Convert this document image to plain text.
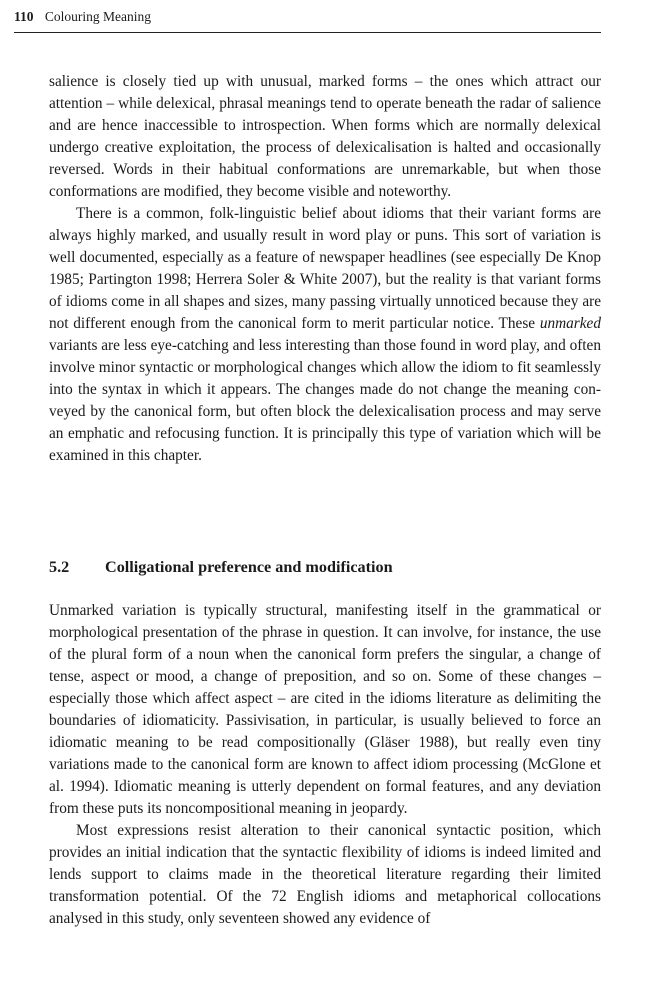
110 Colouring Meaning

salience is closely tied up with unusual, marked forms – the ones which attract our attention – while delexical, phrasal meanings tend to operate beneath the radar of salience and are hence inaccessible to introspection. When forms which are normally delexical undergo creative exploitation, the process of delexicalisation is halted and occasionally reversed. Words in their habitual conformations are unremarkable, but when those conformations are modified, they become visible and noteworthy.

There is a common, folk-linguistic belief about idioms that their variant forms are always highly marked, and usually result in word play or puns. This sort of variation is well documented, especially as a feature of newspaper headlines (see especially De Knop 1985; Partington 1998; Herrera Soler & White 2007), but the reality is that variant forms of idioms come in all shapes and sizes, many passing virtually unnoticed because they are not different enough from the canonical form to merit particular notice. These unmarked variants are less eye-catching and less interesting than those found in word play, and often involve minor syntactic or morphological changes which allow the idiom to fit seamlessly into the syntax in which it appears. The changes made do not change the meaning conveyed by the canonical form, but often block the delexicalisation process and may serve an emphatic and refocusing function. It is principally this type of variation which will be examined in this chapter.

5.2 Colligational preference and modification

Unmarked variation is typically structural, manifesting itself in the grammatical or morphological presentation of the phrase in question. It can involve, for instance, the use of the plural form of a noun when the canonical form prefers the singular, a change of tense, aspect or mood, a change of preposition, and so on. Some of these changes – especially those which affect aspect – are cited in the idioms literature as delimiting the boundaries of idiomaticity. Passivisation, in particular, is usually believed to force an idiomatic meaning to be read compositionally (Gläser 1988), but really even tiny variations made to the canonical form are known to affect idiom processing (McGlone et al. 1994). Idiomatic meaning is utterly dependent on formal features, and any deviation from these puts its noncompositional meaning in jeopardy.

Most expressions resist alteration to their canonical syntactic position, which provides an initial indication that the syntactic flexibility of idioms is indeed limited and lends support to claims made in the theoretical literature regarding their limited transformation potential. Of the 72 English idioms and metaphorical collocations analysed in this study, only seventeen showed any evidence of
